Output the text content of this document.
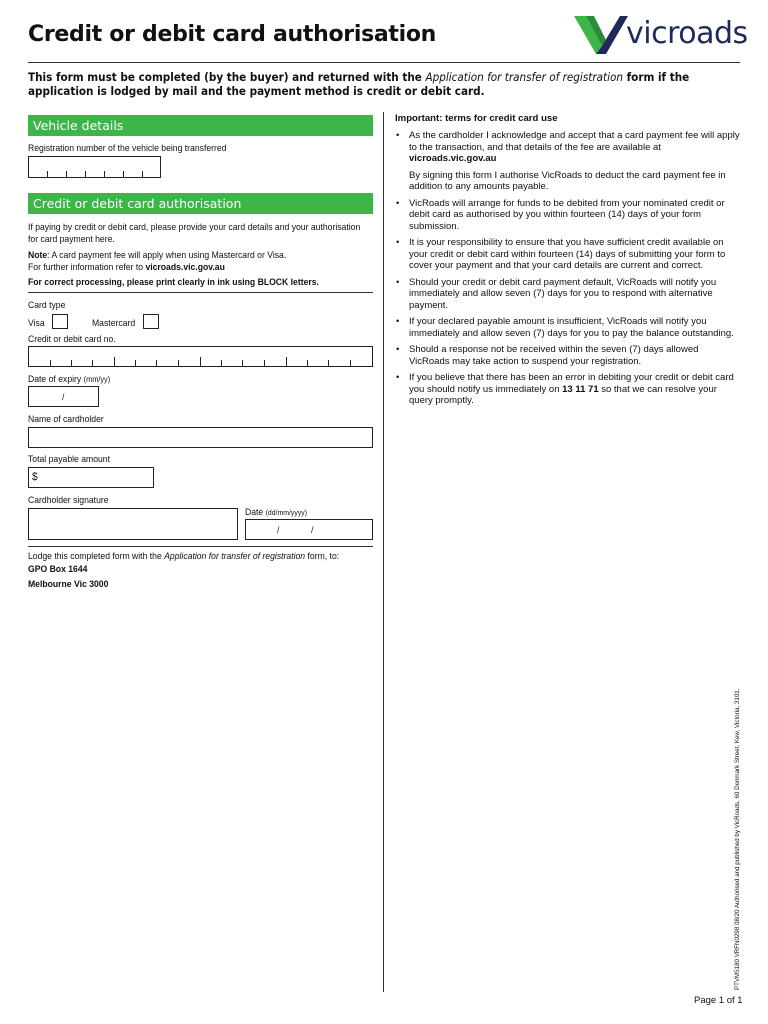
Credit or debit card authorisation	vicroads
This form must be completed (by the buyer) and returned with the Application for transfer of registration form if the application is lodged by mail and the payment method is credit or debit card.
Vehicle details
Registration number of the vehicle being transferred
Credit or debit card authorisation
If paying by credit or debit card, please provide your card details and your authorisation for card payment here.
Note: A card payment fee will apply when using Mastercard or Visa.
For further information refer to vicroads.vic.gov.au
For correct processing, please print clearly in ink using BLOCK letters.
Card type
Visa	Mastercard
Credit or debit card no.
Date of expiry (mm/yy)
/
Name of cardholder
Total payable amount
$
Cardholder signature
Date (dd/mm/yyyy)
/	/
Lodge this completed form with the Application for transfer of registration form, to:
GPO Box 1644
Melbourne Vic 3000
Important: terms for credit card use
• As the cardholder I acknowledge and accept that a card payment fee will apply to the transaction, and that details of the fee are available at vicroads.vic.gov.au
By signing this form I authorise VicRoads to deduct the card payment fee in addition to any amounts payable.
• VicRoads will arrange for funds to be debited from your nominated credit or debit card as authorised by you within fourteen (14) days of your form submission.
• It is your responsibility to ensure that you have sufficient credit available on your credit or debit card within fourteen (14) days of submitting your form to cover your payment and that your card details are current and correct.
• Should your credit or debit card payment default, VicRoads will notify you immediately and allow seven (7) days for you to respond with alternative payment.
• If your declared payable amount is insufficient, VicRoads will notify you immediately and allow seven (7) days for you to pay the balance outstanding.
• Should a response not be received within the seven (7) days allowed VicRoads may take action to suspend your registration.
• If you believe that there has been an error in debiting your credit or debit card you should notify us immediately on 13 11 71 so that we can resolve your query promptly.
PTVM5180 VRFN0298 08/20 Authorised and published by VicRoads, 60 Denmark Street, Kew, Victoria, 3101.
Page 1 of 1
